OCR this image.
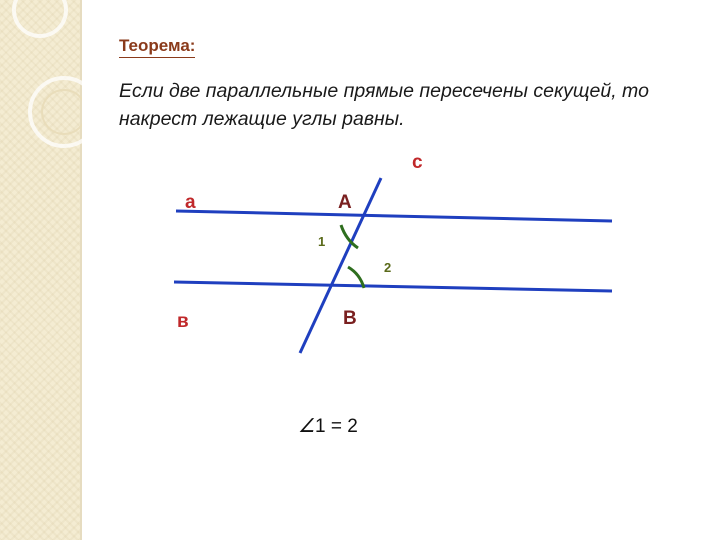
Теорема:
Если две параллельные прямые пересечены секущей, то накрест лежащие углы равны.
а
в
с
А
В
1
2
∠1 = 2
